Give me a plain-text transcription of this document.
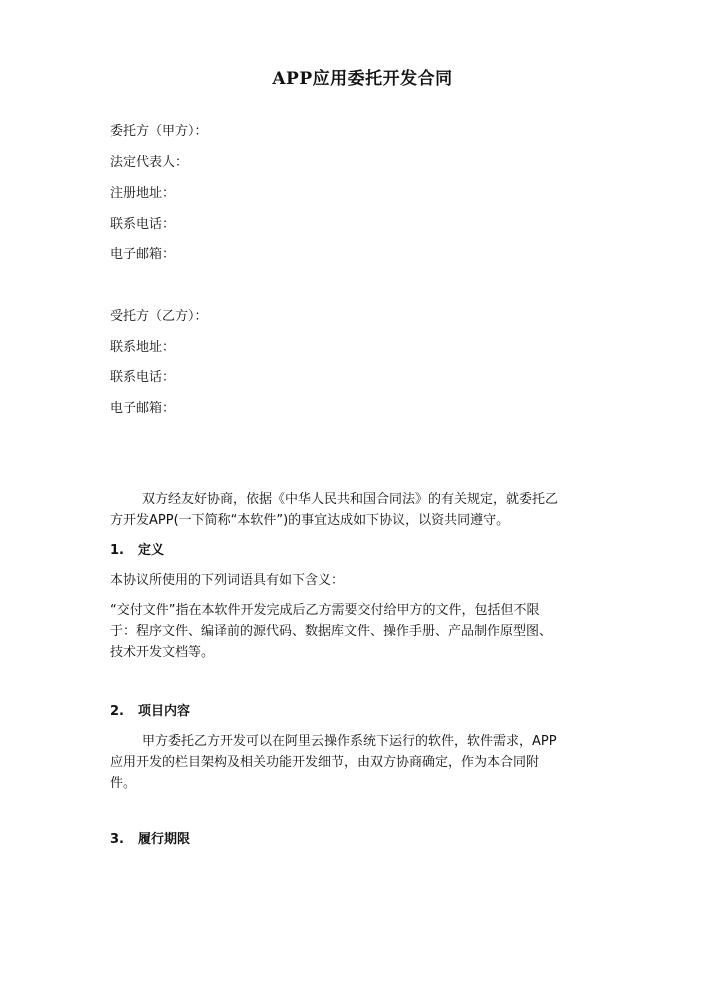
APP应用委托开发合同
委托方（甲方）：
法定代表人：
注册地址：
联系电话：
电子邮箱：
受托方（乙方）：
联系地址：
联系电话：
电子邮箱：
双方经友好协商，依据《中华人民共和国合同法》的有关规定，就委托乙
方开发APP(一下简称“本软件”)的事宜达成如下协议，以资共同遵守。
1. 定义
本协议所使用的下列词语具有如下含义：
“交付文件”指在本软件开发完成后乙方需要交付给甲方的文件，包括但不限
于：程序文件、编译前的源代码、数据库文件、操作手册、产品制作原型图、
技术开发文档等。
2. 项目内容
甲方委托乙方开发可以在阿里云操作系统下运行的软件，软件需求，APP
应用开发的栏目架构及相关功能开发细节，由双方协商确定，作为本合同附
件。
3. 履行期限
